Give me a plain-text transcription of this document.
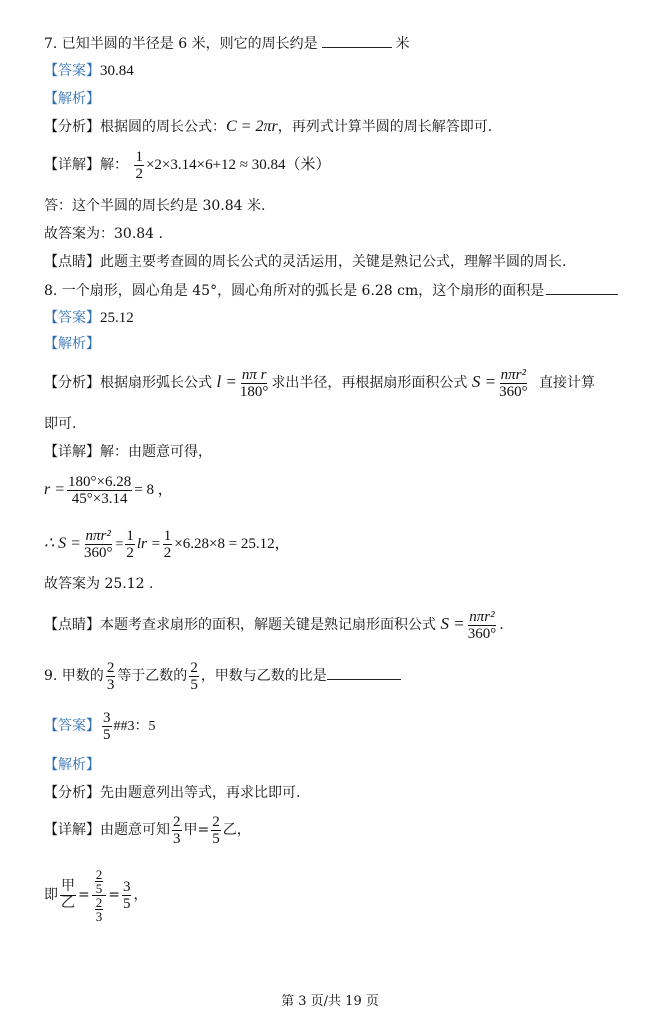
7. 已知半圆的半径是 6 米，则它的周长约是	米
【答案】30.84
【解析】
【分析】根据圆的周长公式：C = 2πr，再列式计算半圆的周长解答即可.
【详解】解： $\frac{1}{2} \times 2\times 3.14\times 6+12 \approx 30.84$（米）
答：这个半圆的周长约是 30.84 米.
故答案为：30.84 .
【点睛】此题主要考查圆的周长公式的灵活运用，关键是熟记公式，理解半圆的周长.
8. 一个扇形，圆心角是 45°，圆心角所对的弧长是 6.28 cm，这个扇形的面积是
【答案】25.12
【解析】
【分析】根据扇形弧长公式 $l = \frac{\text{nπ r}}{180^\circ}$ 求出半径，再根据扇形面积公式 $S = \frac{\text{nπr²}}{360^\circ}$ 直接计算
即可.
【详解】解：由题意可得，
$r = \frac{180^\circ\times 6.28}{45^\circ\times 3.14} = 8$ ，
∴ $S = \frac{\text{nπr²}}{360^\circ} = \frac{1}{2}$ lr = $\frac{1}{2} \times 6.28\times 8 = 25.12$，
故答案为 25.12 .
【点睛】本题考查求扇形的面积，解题关键是熟记扇形面积公式 $S = \frac{\text{nπr²}}{360^\circ}$ .
9. 甲数的 $\frac{2}{3}$ 等于乙数的 $\frac{2}{5}$ ，甲数与乙数的比是
【答案】 $\frac{3}{5}$ ##3：5
【解析】
【分析】先由题意列出等式，再求比即可.
【详解】由题意可知 $\frac{2}{3}$ 甲= $\frac{2}{5}$ 乙，
即 $\frac{\text{甲}}{\text{乙}} = \frac{\frac{2}{5}}{\frac{2}{3}} = \frac{3}{5}$ ，
第 3 页/共 19 页
